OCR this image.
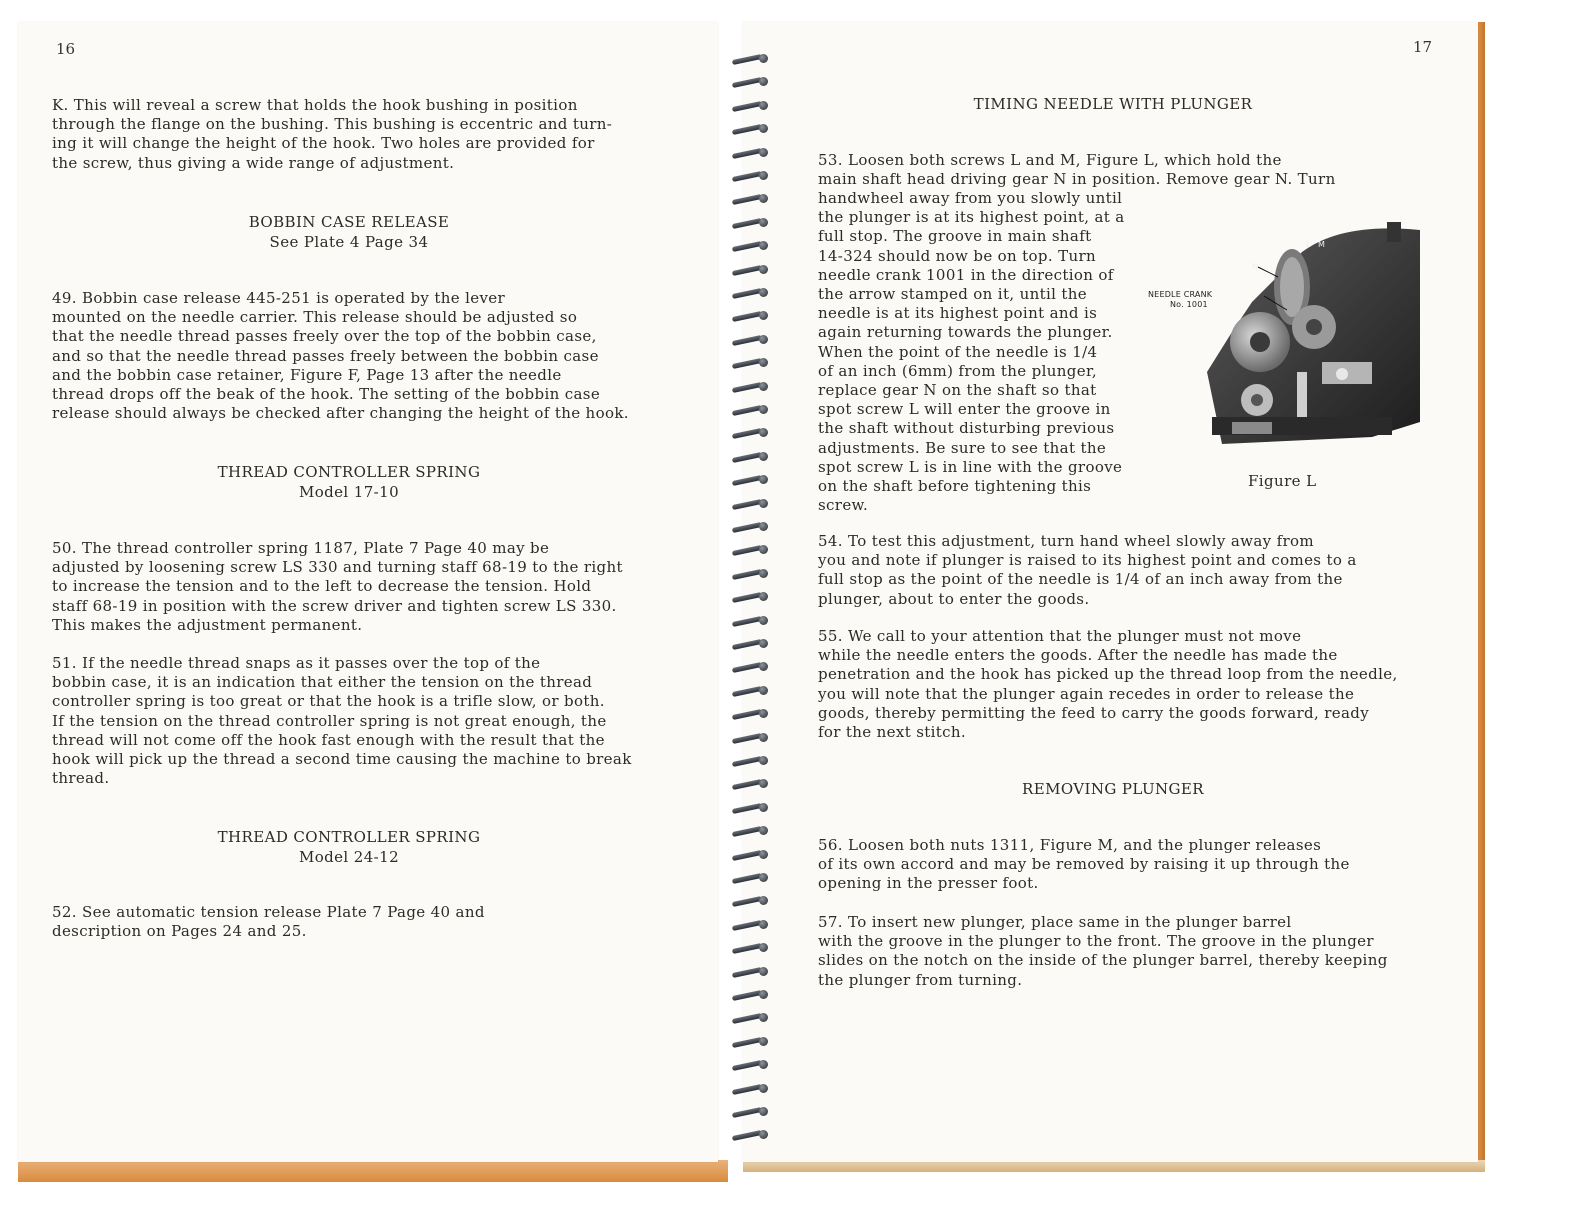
16
K. This will reveal a screw that holds the hook bushing in position
through the flange on the bushing. This bushing is eccentric and turn-
ing it will change the height of the hook. Two holes are provided for
the screw, thus giving a wide range of adjustment.
BOBBIN CASE RELEASE
See Plate 4 Page 34
49. Bobbin case release 445-251 is operated by the lever
mounted on the needle carrier. This release should be adjusted so
that the needle thread passes freely over the top of the bobbin case,
and so that the needle thread passes freely between the bobbin case
and the bobbin case retainer, Figure F, Page 13 after the needle
thread drops off the beak of the hook. The setting of the bobbin case
release should always be checked after changing the height of the hook.
THREAD CONTROLLER SPRING
Model 17-10
50. The thread controller spring 1187, Plate 7 Page 40 may be
adjusted by loosening screw LS 330 and turning staff 68-19 to the right
to increase the tension and to the left to decrease the tension. Hold
staff 68-19 in position with the screw driver and tighten screw LS 330.
This makes the adjustment permanent.
51. If the needle thread snaps as it passes over the top of the
bobbin case, it is an indication that either the tension on the thread
controller spring is too great or that the hook is a trifle slow, or both.
If the tension on the thread controller spring is not great enough, the
thread will not come off the hook fast enough with the result that the
hook will pick up the thread a second time causing the machine to break
thread.
THREAD CONTROLLER SPRING
Model 24-12
52. See automatic tension release Plate 7 Page 40 and
description on Pages 24 and 25.
17
TIMING NEEDLE WITH PLUNGER
53. Loosen both screws L and M, Figure L, which hold the
main shaft head driving gear N in position. Remove gear N. Turn
handwheel away from you slowly until
the plunger is at its highest point, at a
full stop. The groove in main shaft
14-324 should now be on top. Turn
needle crank 1001 in the direction of
the arrow stamped on it, until the
needle is at its highest point and is
again returning towards the plunger.
When the point of the needle is 1/4
of an inch (6mm) from the plunger,
replace gear N on the shaft so that
spot screw L will enter the groove in
the shaft without disturbing previous
adjustments. Be sure to see that the
spot screw L is in line with the groove
on the shaft before tightening this
screw.
Figure L
54. To test this adjustment, turn hand wheel slowly away from
you and note if plunger is raised to its highest point and comes to a
full stop as the point of the needle is 1/4 of an inch away from the
plunger, about to enter the goods.
55. We call to your attention that the plunger must not move
while the needle enters the goods. After the needle has made the
penetration and the hook has picked up the thread loop from the needle,
you will note that the plunger again recedes in order to release the
goods, thereby permitting the feed to carry the goods forward, ready
for the next stitch.
REMOVING PLUNGER
56. Loosen both nuts 1311, Figure M, and the plunger releases
of its own accord and may be removed by raising it up through the
opening in the presser foot.
57. To insert new plunger, place same in the plunger barrel
with the groove in the plunger to the front. The groove in the plunger
slides on the notch on the inside of the plunger barrel, thereby keeping
the plunger from turning.
NEEDLE CRANK
No. 1001
N
L M
